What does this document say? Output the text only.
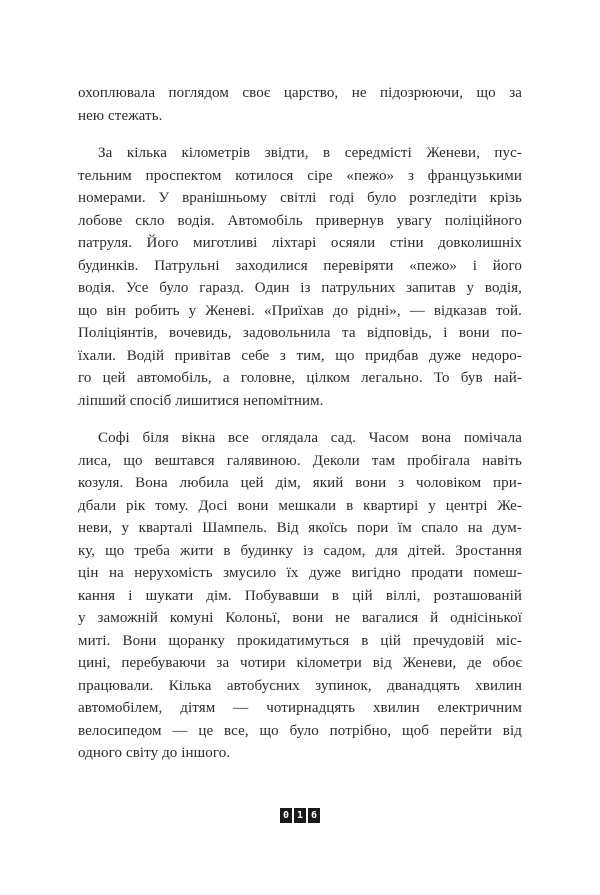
охоплювала поглядом своє царство, не підозрюючи, що за
нею стежать.
За кілька кілометрів звідти, в середмісті Женеви, пус-
тельним проспектом котилося сіре «пежо» з французькими
номерами. У вранішньому світлі годі було розгледіти крізь
лобове скло водія. Автомобіль привернув увагу поліційного
патруля. Його миготливі ліхтарі осяяли стіни довколишніх
будинків. Патрульні заходилися перевіряти «пежо» і його
водія. Усе було гаразд. Один із патрульних запитав у водія,
що він робить у Женеві. «Приїхав до рідні», — відказав той.
Поліціянтів, вочевидь, задовольнила та відповідь, і вони по-
їхали. Водій привітав себе з тим, що придбав дуже недоро-
го цей автомобіль, а головне, цілком легально. То був най-
ліпший спосіб лишитися непомітним.
Софі біля вікна все оглядала сад. Часом вона помічала
лиса, що вештався галявиною. Деколи там пробігала навіть
козуля. Вона любила цей дім, який вони з чоловіком при-
дбали рік тому. Досі вони мешкали в квартирі у центрі Же-
неви, у кварталі Шампель. Від якоїсь пори їм спало на дум-
ку, що треба жити в будинку із садом, для дітей. Зростання
цін на нерухомість змусило їх дуже вигідно продати помеш-
кання і шукати дім. Побувавши в цій віллі, розташованій
у заможній комуні Колоньї, вони не вагалися й однісінької
миті. Вони щоранку прокидатимуться в цій пречудовій міс-
цині, перебуваючи за чотири кілометри від Женеви, де обоє
працювали. Кілька автобусних зупинок, дванадцять хвилин
автомобілем, дітям — чотирнадцять хвилин електричним
велосипедом — це все, що було потрібно, щоб перейти від
одного світу до іншого.
0 1 6
